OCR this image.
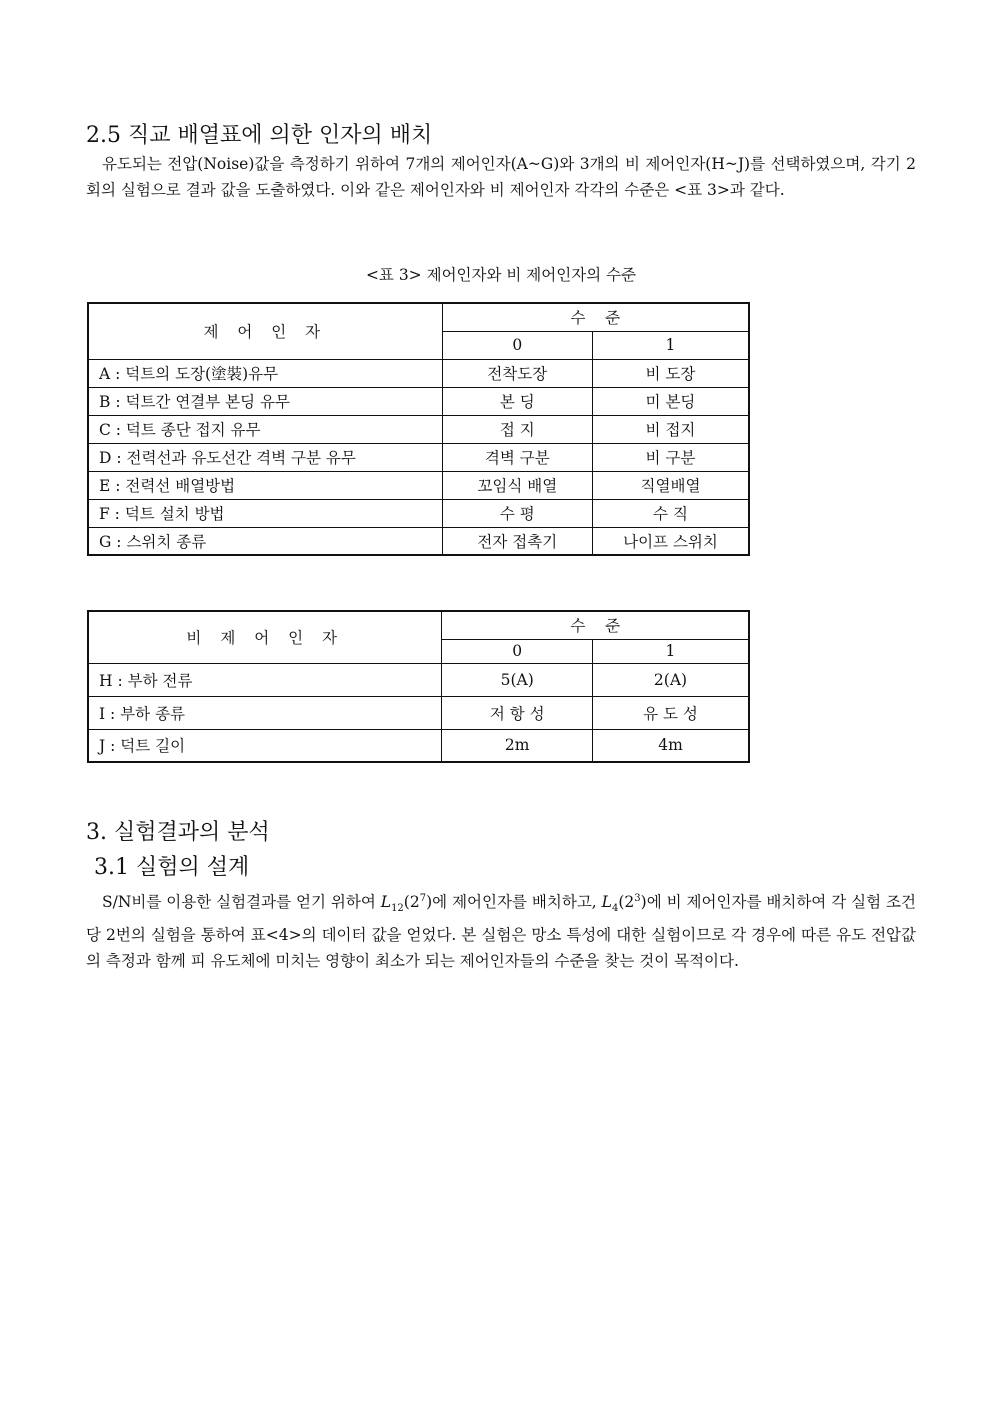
2.5 직교 배열표에 의한 인자의 배치

유도되는 전압(Noise)값을 측정하기 위하여 7개의 제어인자(A~G)와 3개의 비 제어인자(H~J)를 선택하였으며, 각기 2회의 실험으로 결과 값을 도출하였다. 이와 같은 제어인자와 비 제어인자 각각의 수준은 <표 3>과 같다.

<표 3> 제어인자와 비 제어인자의 수준

제 어 인 자	수    준	
	0	1
A : 덕트의 도장(塗裝)유무	전착도장	비 도장
B : 덕트간 연결부 본딩 유무	본 딩	미 본딩
C : 덕트 종단 접지 유무	접 지	비 접지
D : 전력선과 유도선간 격벽 구분 유무	격벽 구분	비 구분
E : 전력선 배열방법	꼬임식 배열	직열배열
F : 덕트 설치 방법	수 평	수 직
G : 스위치 종류	전자 접촉기	나이프 스위치
비 제 어 인 자	수    준	
	0	1
H : 부하 전류	5(A)	2(A)
I : 부하 종류	저 항 성	유 도 성
J : 덕트 길이	2m	4m
3. 실험결과의 분석
3.1 실험의 설계

S/N비를 이용한 실험결과를 얻기 위하여 $L_{12}(2^7)$에 제어인자를 배치하고, $L_4(2^3)$에 비 제어인자를 배치하여 각 실험 조건당 2번의 실험을 통하여 표<4>의 데이터 값을 얻었다. 본 실험은 망소 특성에 대한 실험이므로 각 경우에 따른 유도 전압값의 측정과 함께 피 유도체에 미치는 영향이 최소가 되는 제어인자들의 수준을 찾는 것이 목적이다.
